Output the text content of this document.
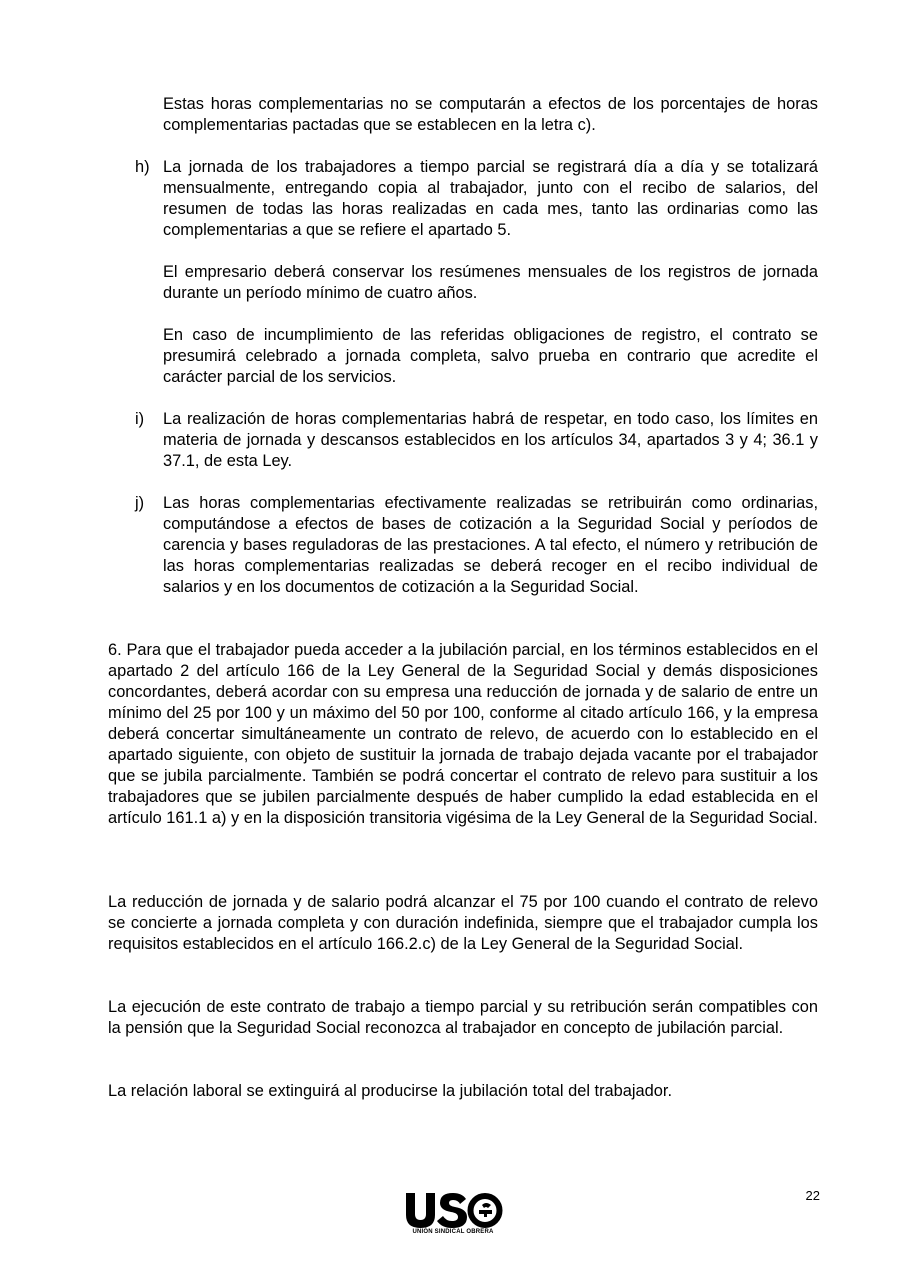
Estas horas complementarias no se computarán a efectos de los porcentajes de horas complementarias pactadas que se establecen en la letra c).

h) La jornada de los trabajadores a tiempo parcial se registrará día a día y se totalizará mensualmente, entregando copia al trabajador, junto con el recibo de salarios, del resumen de todas las horas realizadas en cada mes, tanto las ordinarias como las complementarias a que se refiere el apartado 5.

El empresario deberá conservar los resúmenes mensuales de los registros de jornada durante un período mínimo de cuatro años.

En caso de incumplimiento de las referidas obligaciones de registro, el contrato se presumirá celebrado a jornada completa, salvo prueba en contrario que acredite el carácter parcial de los servicios.

i) La realización de horas complementarias habrá de respetar, en todo caso, los límites en materia de jornada y descansos establecidos en los artículos 34, apartados 3 y 4; 36.1 y 37.1, de esta Ley.

j) Las horas complementarias efectivamente realizadas se retribuirán como ordinarias, computándose a efectos de bases de cotización a la Seguridad Social y períodos de carencia y bases reguladoras de las prestaciones. A tal efecto, el número y retribución de las horas complementarias realizadas se deberá recoger en el recibo individual de salarios y en los documentos de cotización a la Seguridad Social.

6. Para que el trabajador pueda acceder a la jubilación parcial, en los términos establecidos en el apartado 2 del artículo 166 de la Ley General de la Seguridad Social y demás disposiciones concordantes, deberá acordar con su empresa una reducción de jornada y de salario de entre un mínimo del 25 por 100 y un máximo del 50 por 100, conforme al citado artículo 166, y la empresa deberá concertar simultáneamente un contrato de relevo, de acuerdo con lo establecido en el apartado siguiente, con objeto de sustituir la jornada de trabajo dejada vacante por el trabajador que se jubila parcialmente. También se podrá concertar el contrato de relevo para sustituir a los trabajadores que se jubilen parcialmente después de haber cumplido la edad establecida en el artículo 161.1 a) y en la disposición transitoria vigésima de la Ley General de la Seguridad Social.

La reducción de jornada y de salario podrá alcanzar el 75 por 100 cuando el contrato de relevo se concierte a jornada completa y con duración indefinida, siempre que el trabajador cumpla los requisitos establecidos en el artículo 166.2.c) de la Ley General de la Seguridad Social.

La ejecución de este contrato de trabajo a tiempo parcial y su retribución serán compatibles con la pensión que la Seguridad Social reconozca al trabajador en concepto de jubilación parcial.

La relación laboral se extinguirá al producirse la jubilación total del trabajador.

22
UNIÓN SINDICAL OBRERA
